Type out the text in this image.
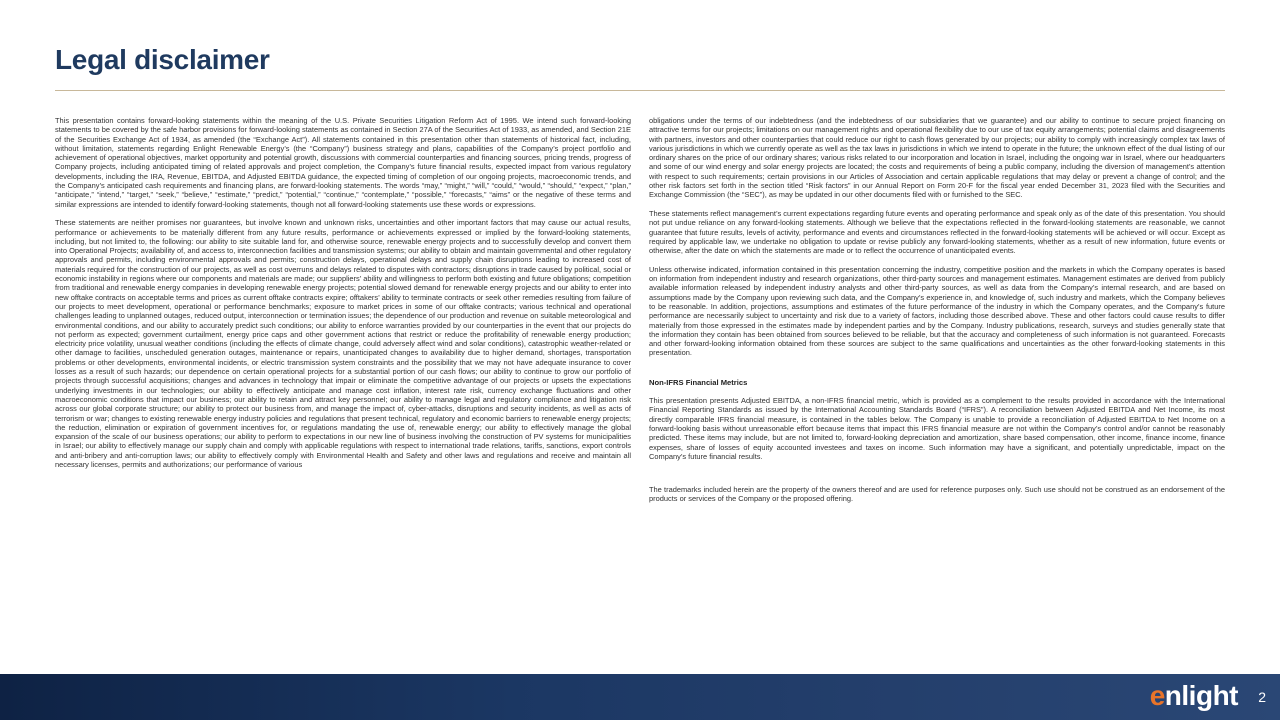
Legal disclaimer

This presentation contains forward-looking statements within the meaning of the U.S. Private Securities Litigation Reform Act of 1995. We intend such forward-looking statements to be covered by the safe harbor provisions for forward-looking statements as contained in Section 27A of the Securities Act of 1933, as amended, and Section 21E of the Securities Exchange Act of 1934, as amended (the “Exchange Act”). All statements contained in this presentation other than statements of historical fact, including, without limitation, statements regarding Enlight Renewable Energy’s (the “Company”) business strategy and plans, capabilities of the Company’s project portfolio and achievement of operational objectives, market opportunity and potential growth, discussions with commercial counterparties and financing sources, pricing trends, progress of Company projects, including anticipated timing of related approvals and project completion, the Company’s future financial results, expected impact from various regulatory developments, including the IRA, Revenue, EBITDA, and Adjusted EBITDA guidance, the expected timing of completion of our ongoing projects, macroeconomic trends, and the Company’s anticipated cash requirements and financing plans, are forward-looking statements. The words “may,” “might,” “will,” “could,” “would,” “should,” “expect,” “plan,” “anticipate,” “intend,” “target,” “seek,” “believe,” “estimate,” “predict,” “potential,” “continue,” “contemplate,” “possible,” “forecasts,” “aims” or the negative of these terms and similar expressions are intended to identify forward-looking statements, though not all forward-looking statements use these words or expressions.

These statements are neither promises nor guarantees, but involve known and unknown risks, uncertainties and other important factors that may cause our actual results, performance or achievements to be materially different from any future results, performance or achievements expressed or implied by the forward-looking statements, including, but not limited to, the following: our ability to site suitable land for, and otherwise source, renewable energy projects and to successfully develop and convert them into Operational Projects; availability of, and access to, interconnection facilities and transmission systems; our ability to obtain and maintain governmental and other regulatory approvals and permits, including environmental approvals and permits; construction delays, operational delays and supply chain disruptions leading to increased cost of materials required for the construction of our projects, as well as cost overruns and delays related to disputes with contractors; disruptions in trade caused by political, social or economic instability in regions where our components and materials are made; our suppliers’ ability and willingness to perform both existing and future obligations; competition from traditional and renewable energy companies in developing renewable energy projects; potential slowed demand for renewable energy projects and our ability to enter into new offtake contracts on acceptable terms and prices as current offtake contracts expire; offtakers’ ability to terminate contracts or seek other remedies resulting from failure of our projects to meet development, operational or performance benchmarks; exposure to market prices in some of our offtake contracts; various technical and operational challenges leading to unplanned outages, reduced output, interconnection or termination issues; the dependence of our production and revenue on suitable meteorological and environmental conditions, and our ability to accurately predict such conditions; our ability to enforce warranties provided by our counterparties in the event that our projects do not perform as expected; government curtailment, energy price caps and other government actions that restrict or reduce the profitability of renewable energy production; electricity price volatility, unusual weather conditions (including the effects of climate change, could adversely affect wind and solar conditions), catastrophic weather-related or other damage to facilities, unscheduled generation outages, maintenance or repairs, unanticipated changes to availability due to higher demand, shortages, transportation problems or other developments, environmental incidents, or electric transmission system constraints and the possibility that we may not have adequate insurance to cover losses as a result of such hazards; our dependence on certain operational projects for a substantial portion of our cash flows; our ability to continue to grow our portfolio of projects through successful acquisitions; changes and advances in technology that impair or eliminate the competitive advantage of our projects or upsets the expectations underlying investments in our technologies; our ability to effectively anticipate and manage cost inflation, interest rate risk, currency exchange fluctuations and other macroeconomic conditions that impact our business; our ability to retain and attract key personnel; our ability to manage legal and regulatory compliance and litigation risk across our global corporate structure; our ability to protect our business from, and manage the impact of, cyber-attacks, disruptions and security incidents, as well as acts of terrorism or war; changes to existing renewable energy industry policies and regulations that present technical, regulatory and economic barriers to renewable energy projects; the reduction, elimination or expiration of government incentives for, or regulations mandating the use of, renewable energy; our ability to effectively manage the global expansion of the scale of our business operations; our ability to perform to expectations in our new line of business involving the construction of PV systems for municipalities in Israel; our ability to effectively manage our supply chain and comply with applicable regulations with respect to international trade relations, tariffs, sanctions, export controls and anti-bribery and anti-corruption laws; our ability to effectively comply with Environmental Health and Safety and other laws and regulations and receive and maintain all necessary licenses, permits and authorizations; our performance of various

obligations under the terms of our indebtedness (and the indebtedness of our subsidiaries that we guarantee) and our ability to continue to secure project financing on attractive terms for our projects; limitations on our management rights and operational flexibility due to our use of tax equity arrangements; potential claims and disagreements with partners, investors and other counterparties that could reduce our right to cash flows generated by our projects; our ability to comply with increasingly complex tax laws of various jurisdictions in which we currently operate as well as the tax laws in jurisdictions in which we intend to operate in the future; the unknown effect of the dual listing of our ordinary shares on the price of our ordinary shares; various risks related to our incorporation and location in Israel, including the ongoing war in Israel, where our headquarters and some of our wind energy and solar energy projects are located; the costs and requirements of being a public company, including the diversion of management’s attention with respect to such requirements; certain provisions in our Articles of Association and certain applicable regulations that may delay or prevent a change of control; and the other risk factors set forth in the section titled “Risk factors” in our Annual Report on Form 20-F for the fiscal year ended December 31, 2023 filed with the Securities and Exchange Commission (the “SEC”), as may be updated in our other documents filed with or furnished to the SEC.

These statements reflect management’s current expectations regarding future events and operating performance and speak only as of the date of this presentation. You should not put undue reliance on any forward-looking statements. Although we believe that the expectations reflected in the forward-looking statements are reasonable, we cannot guarantee that future results, levels of activity, performance and events and circumstances reflected in the forward-looking statements will be achieved or will occur. Except as required by applicable law, we undertake no obligation to update or revise publicly any forward-looking statements, whether as a result of new information, future events or otherwise, after the date on which the statements are made or to reflect the occurrence of unanticipated events.

Unless otherwise indicated, information contained in this presentation concerning the industry, competitive position and the markets in which the Company operates is based on information from independent industry and research organizations, other third-party sources and management estimates. Management estimates are derived from publicly available information released by independent industry analysts and other third-party sources, as well as data from the Company’s internal research, and are based on assumptions made by the Company upon reviewing such data, and the Company’s experience in, and knowledge of, such industry and markets, which the Company believes to be reasonable. In addition, projections, assumptions and estimates of the future performance of the industry in which the Company operates, and the Company’s future performance are necessarily subject to uncertainty and risk due to a variety of factors, including those described above. These and other factors could cause results to differ materially from those expressed in the estimates made by independent parties and by the Company. Industry publications, research, surveys and studies generally state that the information they contain has been obtained from sources believed to be reliable, but that the accuracy and completeness of such information is not guaranteed. Forecasts and other forward-looking information obtained from these sources are subject to the same qualifications and uncertainties as the other forward-looking statements in this presentation.

Non-IFRS Financial Metrics

This presentation presents Adjusted EBITDA, a non-IFRS financial metric, which is provided as a complement to the results provided in accordance with the International Financial Reporting Standards as issued by the International Accounting Standards Board (“IFRS”). A reconciliation between Adjusted EBITDA and Net Income, its most directly comparable IFRS financial measure, is contained in the tables below. The Company is unable to provide a reconciliation of Adjusted EBITDA to Net Income on a forward-looking basis without unreasonable effort because items that impact this IFRS financial measure are not within the Company’s control and/or cannot be reasonably predicted. These items may include, but are not limited to, forward-looking depreciation and amortization, share based compensation, other income, finance income, finance expenses, share of losses of equity accounted investees and taxes on income. Such information may have a significant, and potentially unpredictable, impact on the Company’s future financial results.

The trademarks included herein are the property of the owners thereof and are used for reference purposes only. Such use should not be construed as an endorsement of the products or services of the Company or the proposed offering.

enlight 2
